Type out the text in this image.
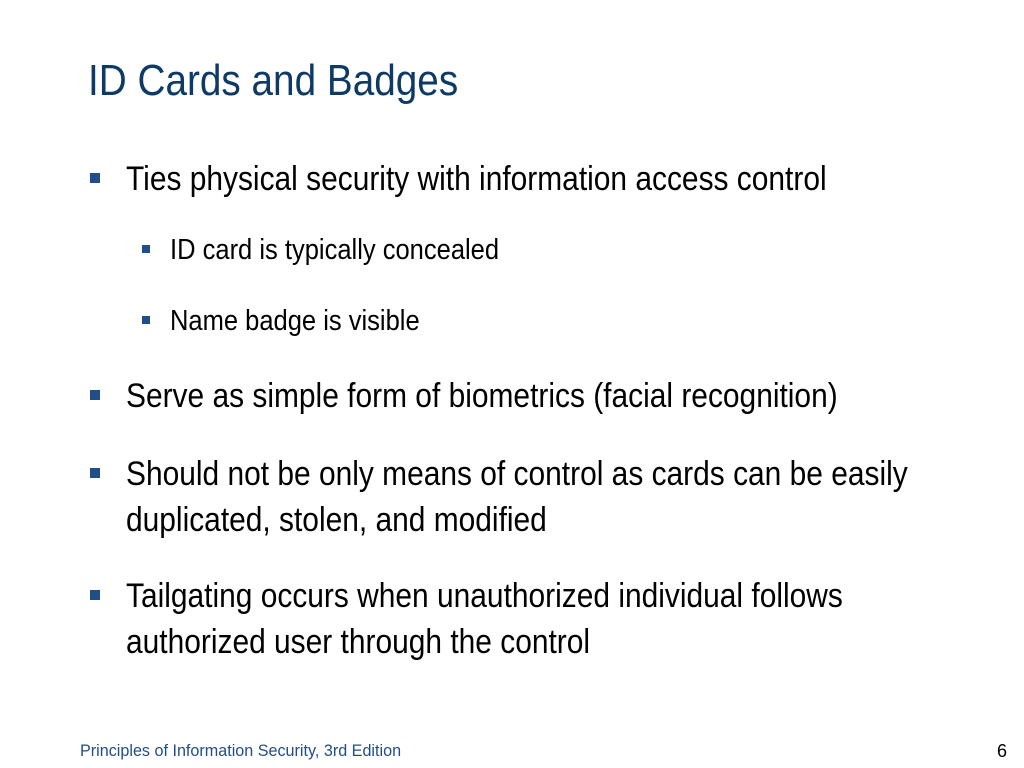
ID Cards and Badges
Ties physical security with information access control
ID card is typically concealed
Name badge is visible
Serve as simple form of biometrics (facial recognition)
Should not be only means of control as cards can be easily
duplicated, stolen, and modified
Tailgating occurs when unauthorized individual follows
authorized user through the control
Principles of Information Security, 3rd Edition	6
